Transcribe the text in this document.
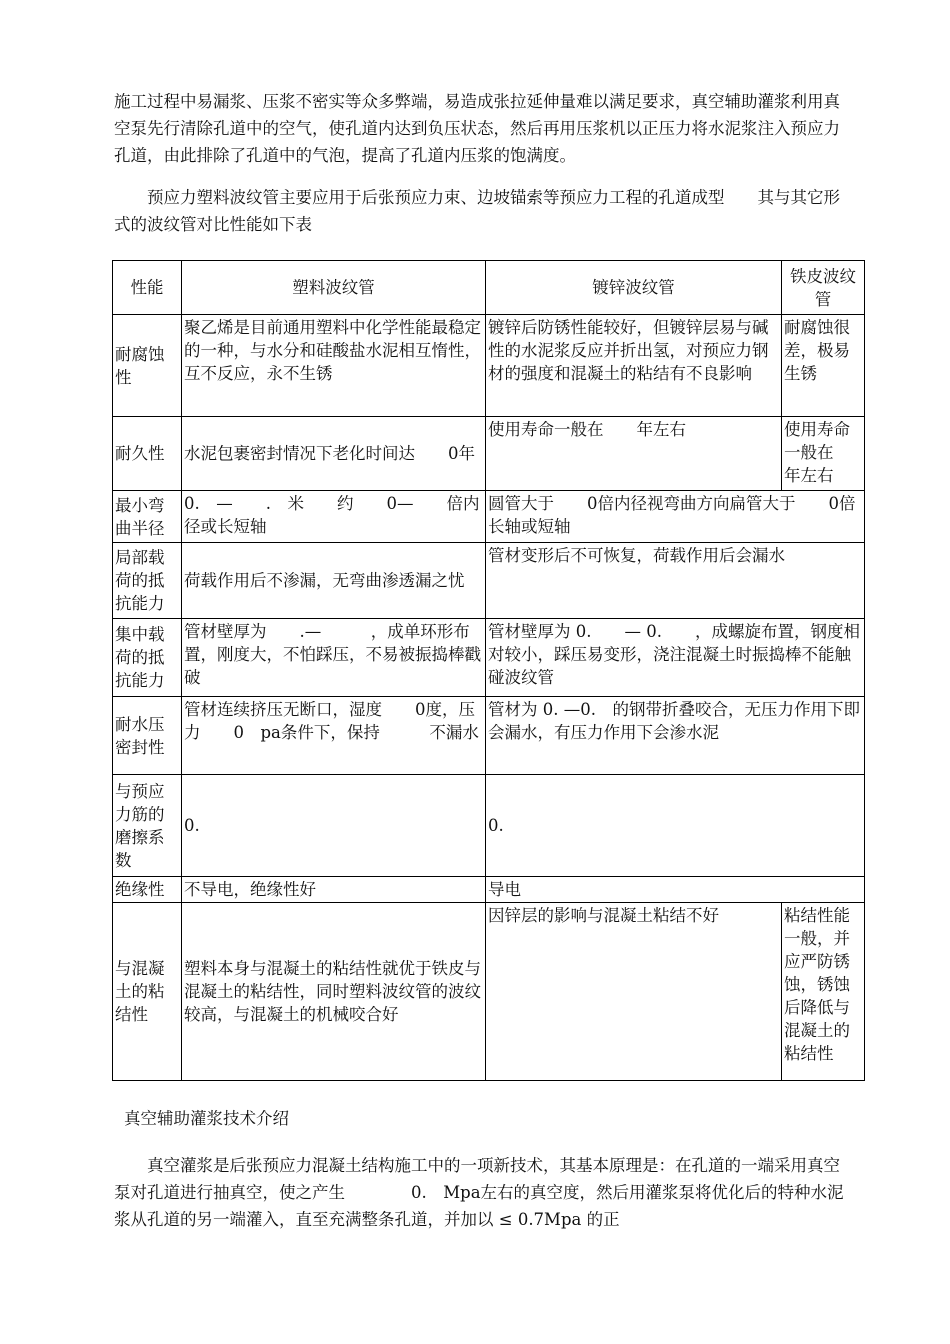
施工过程中易漏浆、压浆不密实等众多弊端，易造成张拉延伸量难以满足要求，真空辅助灌浆利用真空泵先行清除孔道中的空气，使孔道内达到负压状态，然后再用压浆机以正压力将水泥浆注入预应力孔道，由此排除了孔道中的气泡，提高了孔道内压浆的饱满度。

预应力塑料波纹管主要应用于后张预应力束、边坡锚索等预应力工程的孔道成型　　其与其它形式的波纹管对比性能如下表

性能	塑料波纹管	镀锌波纹管	铁皮波纹管
耐腐蚀性	聚乙烯是目前通用塑料中化学性能最稳定的一种，与水分和硅酸盐水泥相互惰性，互不反应，永不生锈	镀锌后防锈性能较好，但镀锌层易与碱性的水泥浆反应并折出氢，对预应力钢材的强度和混凝土的粘结有不良影响	耐腐蚀很差，极易生锈
耐久性	水泥包裹密封情况下老化时间达　　0年	使用寿命一般在　　年左右	使用寿命一般在　年左右
最小弯曲半径	0.　—　　.　米　　约　　0—　　倍内径或长短轴	圆管大于　　0倍内径视弯曲方向扁管大于　　0倍长轴或短轴	
局部载荷的抵抗能力	荷载作用后不渗漏，无弯曲渗透漏之忧	管材变形后不可恢复，荷载作用后会漏水	
集中载荷的抵抗能力	管材壁厚为　　.—　　　，成单环形布置，刚度大，不怕踩压，不易被振捣棒戳破	管材壁厚为 0.　　— 0.　　，成螺旋布置，钢度相对较小，踩压易变形，浇注混凝土时振捣棒不能触碰波纹管	
耐水压密封性	管材连续挤压无断口，湿度　　0度，压力　　0　pa条件下，保持　　　不漏水	管材为 0. —0.　的钢带折叠咬合，无压力作用下即会漏水，有压力作用下会渗水泥	
与预应力筋的磨擦系数	0.	0.	
绝缘性	不导电，绝缘性好	导电	
与混凝土的粘结性	塑料本身与混凝土的粘结性就优于铁皮与混凝土的粘结性，同时塑料波纹管的波纹较高，与混凝土的机械咬合好	因锌层的影响与混凝土粘结不好	粘结性能一般，并应严防锈蚀，锈蚀后降低与混凝土的粘结性

真空辅助灌浆技术介绍

真空灌浆是后张预应力混凝土结构施工中的一项新技术，其基本原理是：在孔道的一端采用真空泵对孔道进行抽真空，使之产生　　　　0.　Mpa左右的真空度，然后用灌浆泵将优化后的特种水泥浆从孔道的另一端灌入，直至充满整条孔道，并加以 ≤ 0.7Mpa 的正
